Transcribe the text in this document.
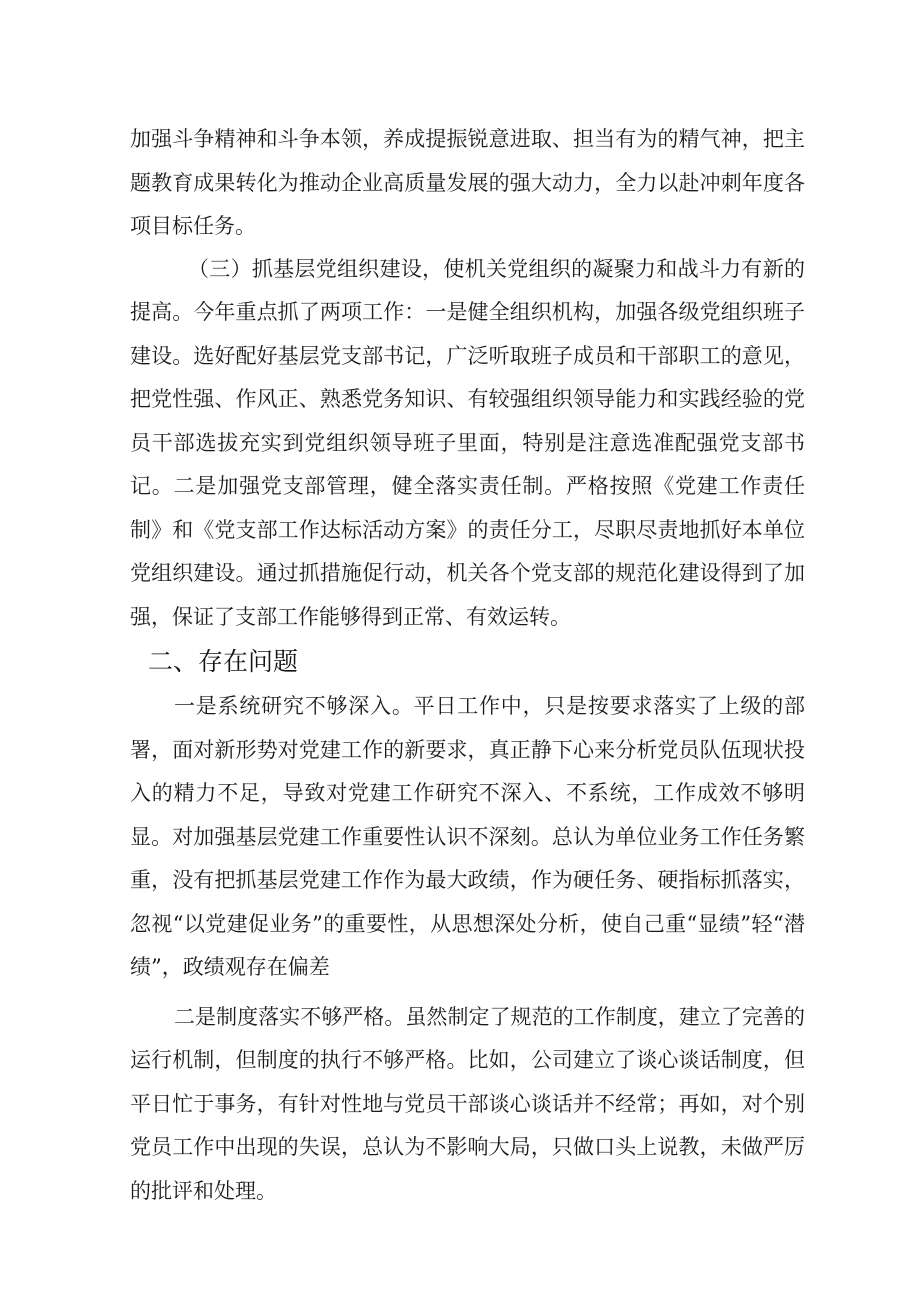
加强斗争精神和斗争本领，养成提振锐意进取、担当有为的精气神，把主题教育成果转化为推动企业高质量发展的强大动力，全力以赴冲刺年度各项目标任务。

（三）抓基层党组织建设，使机关党组织的凝聚力和战斗力有新的提高。今年重点抓了两项工作：一是健全组织机构，加强各级党组织班子建设。选好配好基层党支部书记，广泛听取班子成员和干部职工的意见，把党性强、作风正、熟悉党务知识、有较强组织领导能力和实践经验的党员干部选拔充实到党组织领导班子里面，特别是注意选准配强党支部书记。二是加强党支部管理，健全落实责任制。严格按照《党建工作责任制》和《党支部工作达标活动方案》的责任分工，尽职尽责地抓好本单位党组织建设。通过抓措施促行动，机关各个党支部的规范化建设得到了加强，保证了支部工作能够得到正常、有效运转。

二、存在问题

一是系统研究不够深入。平日工作中，只是按要求落实了上级的部署，面对新形势对党建工作的新要求，真正静下心来分析党员队伍现状投入的精力不足，导致对党建工作研究不深入、不系统，工作成效不够明显。对加强基层党建工作重要性认识不深刻。总认为单位业务工作任务繁重，没有把抓基层党建工作作为最大政绩，作为硬任务、硬指标抓落实，忽视“以党建促业务”的重要性，从思想深处分析，使自己重“显绩”轻“潜绩”，政绩观存在偏差

二是制度落实不够严格。虽然制定了规范的工作制度，建立了完善的运行机制，但制度的执行不够严格。比如，公司建立了谈心谈话制度，但平日忙于事务，有针对性地与党员干部谈心谈话并不经常；再如，对个别党员工作中出现的失误，总认为不影响大局，只做口头上说教，未做严厉的批评和处理。
